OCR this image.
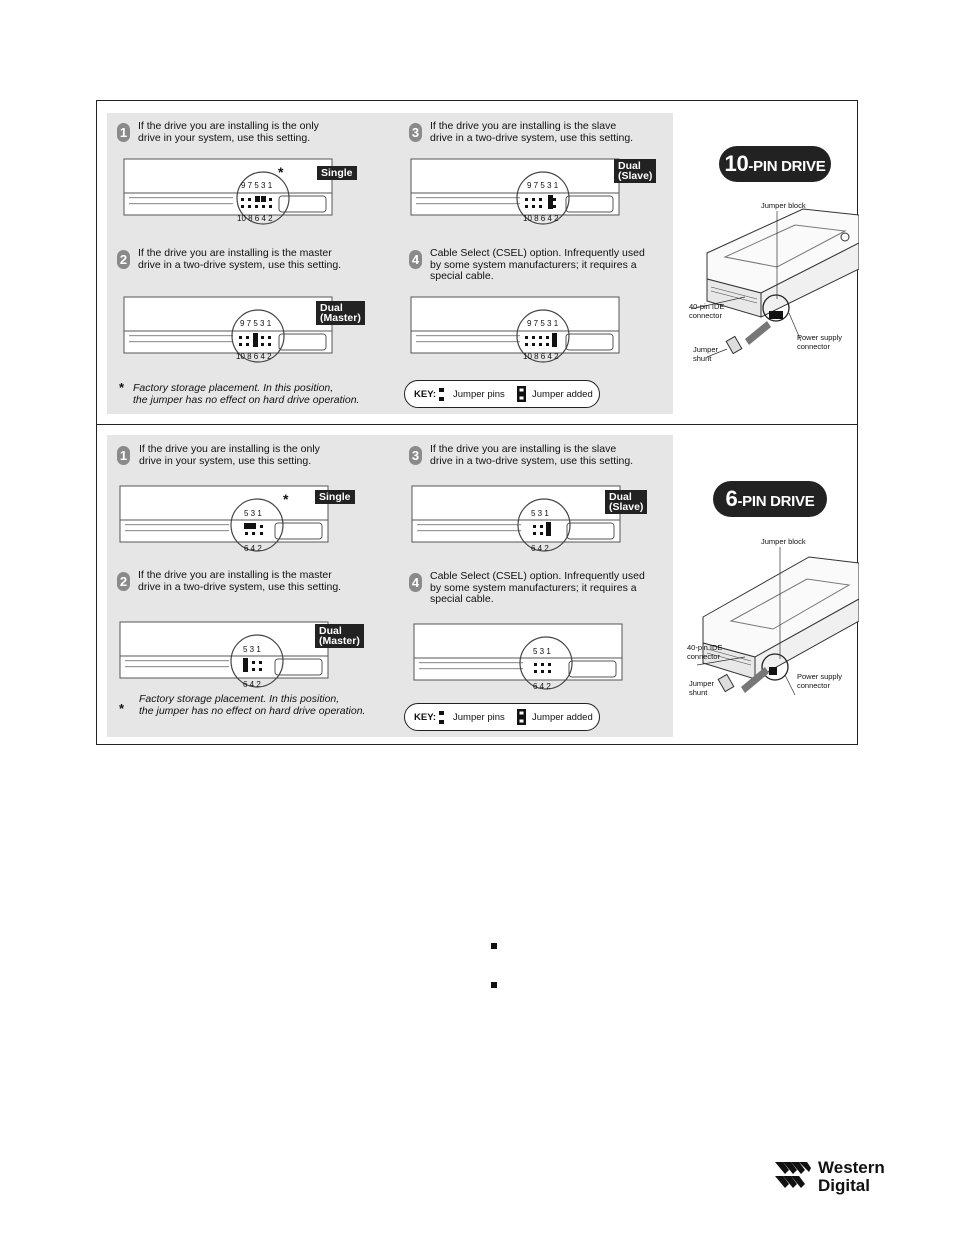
1 If the drive you are installing is the only
drive in your system, use this setting.	3 If the drive you are installing is the slave
drive in a two-drive system, use this setting.
2 If the drive you are installing is the master
drive in a two-drive system, use this setting.	4 Cable Select (CSEL) option. Infrequently used
by some system manufacturers; it requires a
special cable.
9 7 5 3 1
10 8 6 4 2
*	Single
9 7 5 3 1
10 8 6 4 2
Dual
(Slave)
9 7 5 3 1
10 8 6 4 2
Dual
(Master)	9 7 5 3 1
10 8 6 4 2
* Factory storage placement. In this position,
the jumper has no effect on hard drive operation.	KEY: Jumper pins	Jumper added
10-PIN DRIVE
Jumper block
40-pin IDE
connector
Power supply
connector
Jumper
shunt
1 If the drive you are installing is the only
drive in your system, use this setting.	3 If the drive you are installing is the slave
drive in a two-drive system, use this setting.
2 If the drive you are installing is the master
drive in a two-drive system, use this setting.	4 Cable Select (CSEL) option. Infrequently used
by some system manufacturers; it requires a
special cable.
5 3 1
6 4 2
*	Single
5 3 1
6 4 2
Dual
(Slave)
5 3 1
6 4 2
Dual
(Master)
5 3 1
6 4 2
*
Factory storage placement. In this position,
the jumper has no effect on hard drive operation.
KEY: Jumper pins	Jumper added
6-PIN DRIVE
Jumper block
40-pin IDE
connector
Power supply
connector
Jumper
shunt
Western
Digital
